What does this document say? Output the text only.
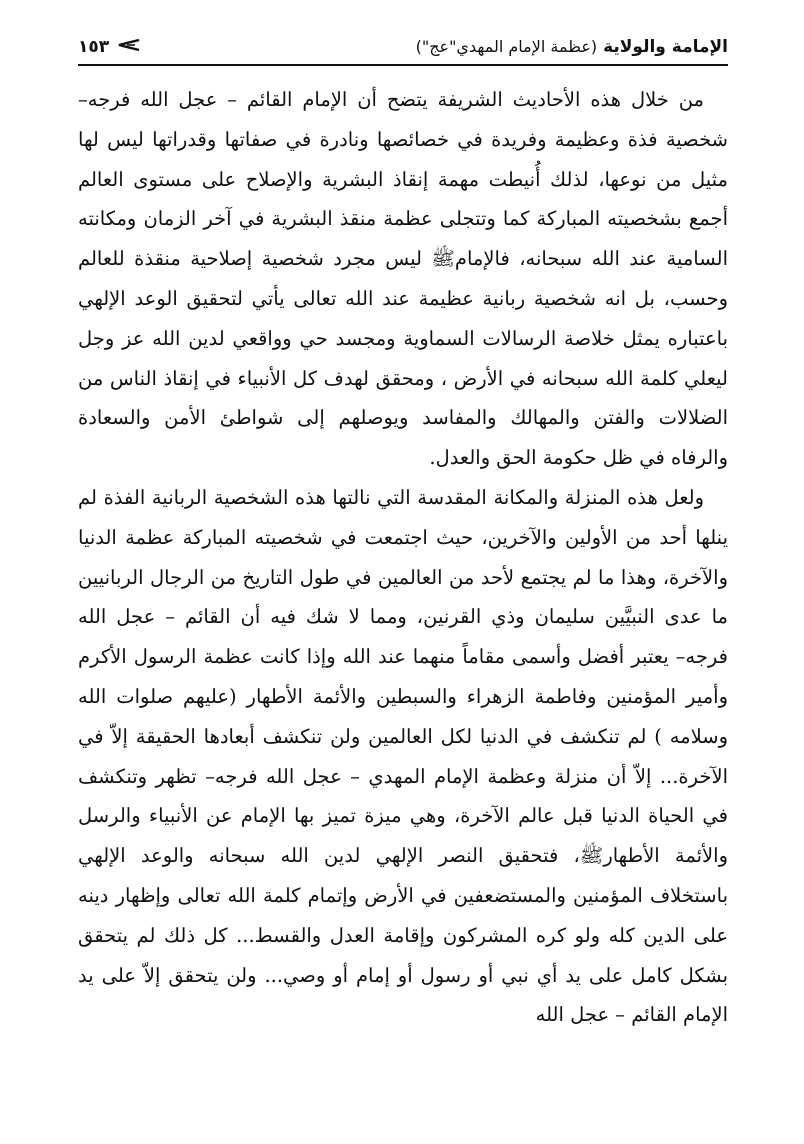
١٥٣	الإمامة والولاية (عظمة الإمام المهدي"عج")

من خلال هذه الأحاديث الشريفة يتضح أن الإمام القائم – عجل الله فرجه– شخصية فذة وعظيمة وفريدة في خصائصها ونادرة في صفاتها وقدراتها ليس لها مثيل من نوعها، لذلك أُنيطت مهمة إنقاذ البشرية والإصلاح على مستوى العالم أجمع بشخصيته المباركة كما وتتجلى عظمة منقذ البشرية في آخر الزمان ومكانته السامية عند الله سبحانه، فالإمامﷺ ليس مجرد شخصية إصلاحية منقذة للعالم وحسب، بل انه شخصية ربانية عظيمة عند الله تعالى يأتي لتحقيق الوعد الإلهي باعتباره يمثل خلاصة الرسالات السماوية ومجسد حي وواقعي لدين الله عز وجل ليعلي كلمة الله سبحانه في الأرض ، ومحقق لهدف كل الأنبياء في إنقاذ الناس من الضلالات والفتن والمهالك والمفاسد ويوصلهم إلى شواطئ الأمن والسعادة والرفاه في ظل حكومة الحق والعدل.

ولعل هذه المنزلة والمكانة المقدسة التي نالتها هذه الشخصية الربانية الفذة لم ينلها أحد من الأولين والآخرين، حيث اجتمعت في شخصيته المباركة عظمة الدنيا والآخرة، وهذا ما لم يجتمع لأحد من العالمين في طول التاريخ من الرجال الربانيين ما عدى النبيَّين سليمان وذي القرنين، ومما لا شك فيه أن القائم – عجل الله فرجه– يعتبر أفضل وأسمى مقاماً منهما عند الله وإذا كانت عظمة الرسول الأكرم وأمير المؤمنين وفاطمة الزهراء والسبطين والأئمة الأطهار (عليهم صلوات الله وسلامه ) لم تنكشف في الدنيا لكل العالمين ولن تنكشف أبعادها الحقيقة إلاّ في الآخرة... إلاّ أن منزلة وعظمة الإمام المهدي – عجل الله فرجه– تظهر وتنكشف في الحياة الدنيا قبل عالم الآخرة، وهي ميزة تميز بها الإمام عن الأنبياء والرسل والأئمة الأطهارﷺ، فتحقيق النصر الإلهي لدين الله سبحانه والوعد الإلهي باستخلاف المؤمنين والمستضعفين في الأرض وإتمام كلمة الله تعالى وإظهار دينه على الدين كله ولو كره المشركون وإقامة العدل والقسط... كل ذلك لم يتحقق بشكل كامل على يد أي نبي أو رسول أو إمام أو وصي... ولن يتحقق إلاّ على يد الإمام القائم – عجل الله
